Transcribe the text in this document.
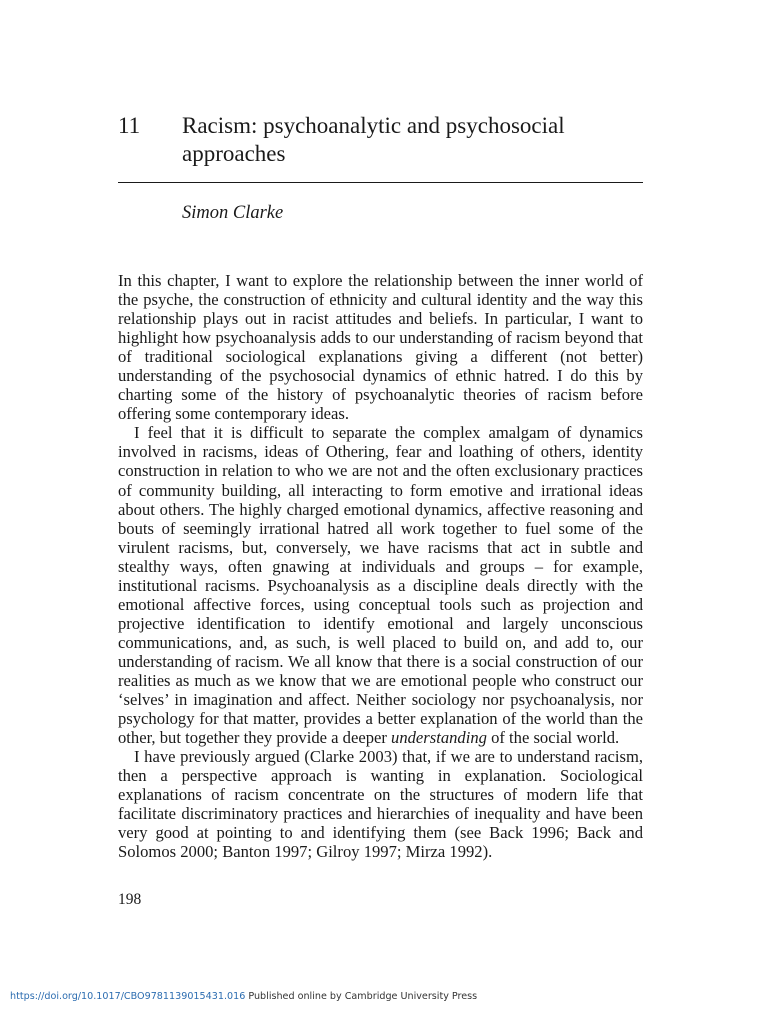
11 Racism: psychoanalytic and psychosocial approaches
Simon Clarke

In this chapter, I want to explore the relationship between the inner world of the psyche, the construction of ethnicity and cultural identity and the way this relationship plays out in racist attitudes and beliefs. In particular, I want to highlight how psychoanalysis adds to our understanding of racism beyond that of traditional sociological explanations giving a different (not better) understanding of the psychosocial dynamics of ethnic hatred. I do this by charting some of the history of psychoanalytic theories of racism before offering some contemporary ideas.

I feel that it is difficult to separate the complex amalgam of dynamics involved in racisms, ideas of Othering, fear and loathing of others, identity construction in relation to who we are not and the often exclusionary practices of community building, all interacting to form emotive and irrational ideas about others. The highly charged emotional dynamics, affective reasoning and bouts of seemingly irrational hatred all work together to fuel some of the virulent racisms, but, conversely, we have racisms that act in subtle and stealthy ways, often gnawing at individuals and groups – for example, institutional racisms. Psychoanalysis as a discipline deals directly with the emotional affective forces, using conceptual tools such as projection and projective identification to identify emotional and largely unconscious communications, and, as such, is well placed to build on, and add to, our understanding of racism. We all know that there is a social construction of our realities as much as we know that we are emotional people who construct our ‘selves’ in imagination and affect. Neither sociology nor psychoanalysis, nor psychology for that matter, provides a better explanation of the world than the other, but together they provide a deeper understanding of the social world.

I have previously argued (Clarke 2003) that, if we are to understand racism, then a perspective approach is wanting in explanation. Sociological explanations of racism concentrate on the structures of modern life that facilitate discriminatory practices and hierarchies of inequality and have been very good at pointing to and identifying them (see Back 1996; Back and Solomos 2000; Banton 1997; Gilroy 1997; Mirza 1992).

198
https://doi.org/10.1017/CBO9781139015431.016 Published online by Cambridge University Press
